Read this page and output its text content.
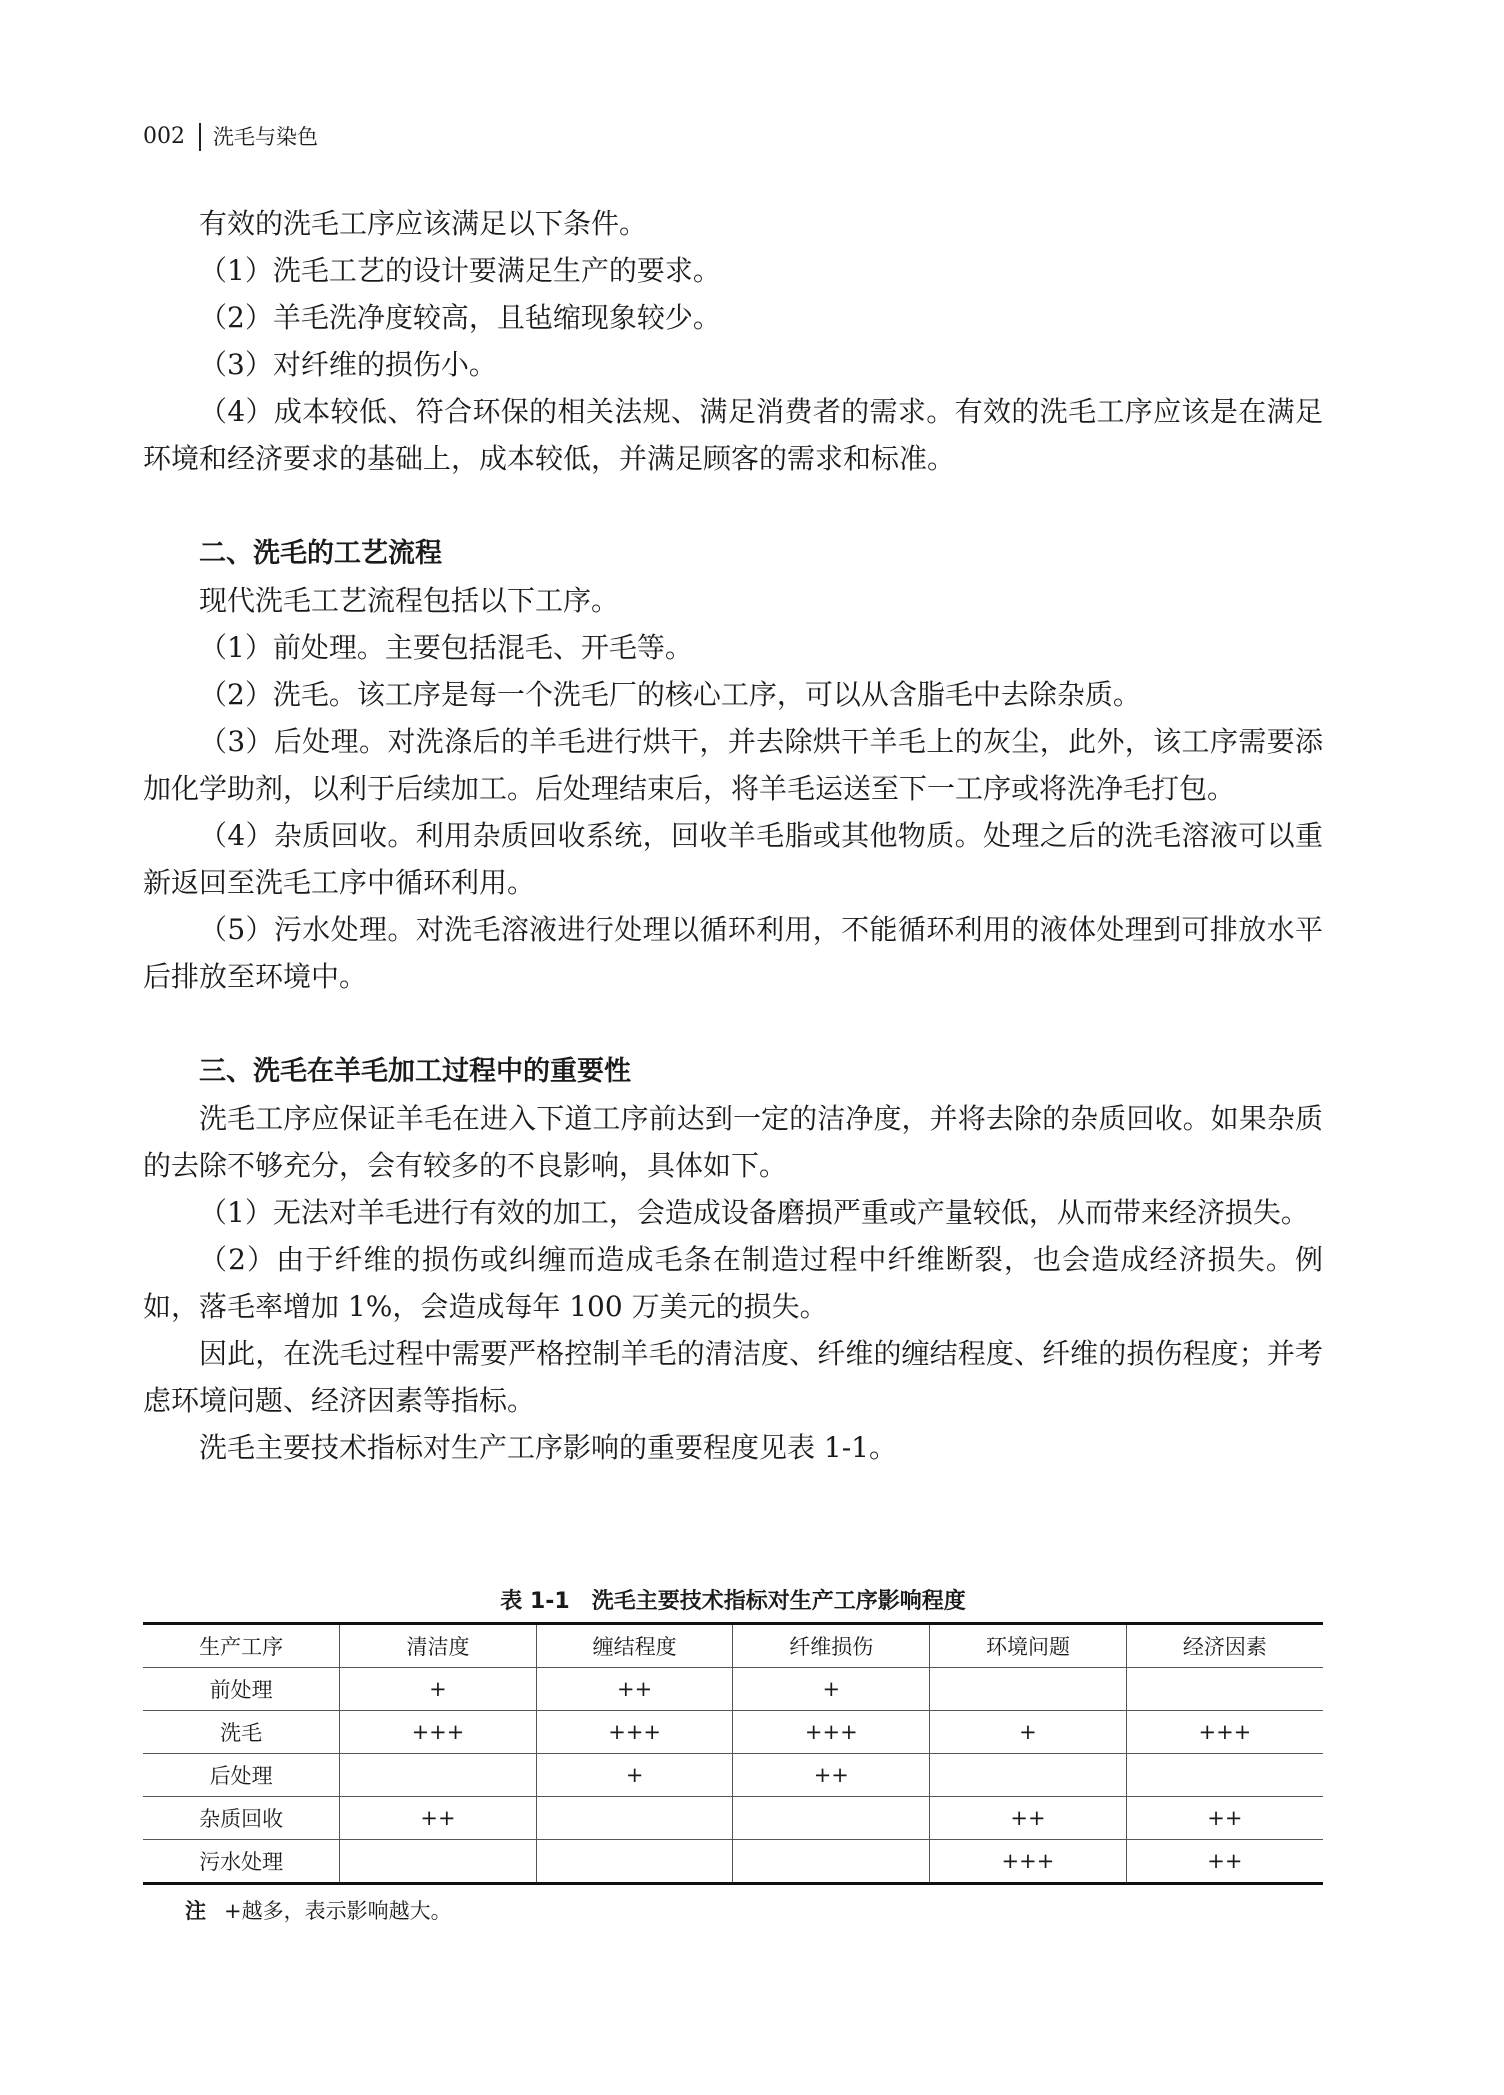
002 洗毛与染色

有效的洗毛工序应该满足以下条件。

（1）洗毛工艺的设计要满足生产的要求。

（2）羊毛洗净度较高，且毡缩现象较少。

（3）对纤维的损伤小。

（4）成本较低、符合环保的相关法规、满足消费者的需求。有效的洗毛工序应该是在满足环境和经济要求的基础上，成本较低，并满足顾客的需求和标准。

二、洗毛的工艺流程

现代洗毛工艺流程包括以下工序。

（1）前处理。主要包括混毛、开毛等。

（2）洗毛。该工序是每一个洗毛厂的核心工序，可以从含脂毛中去除杂质。

（3）后处理。对洗涤后的羊毛进行烘干，并去除烘干羊毛上的灰尘，此外，该工序需要添加化学助剂，以利于后续加工。后处理结束后，将羊毛运送至下一工序或将洗净毛打包。

（4）杂质回收。利用杂质回收系统，回收羊毛脂或其他物质。处理之后的洗毛溶液可以重新返回至洗毛工序中循环利用。

（5）污水处理。对洗毛溶液进行处理以循环利用，不能循环利用的液体处理到可排放水平后排放至环境中。

三、洗毛在羊毛加工过程中的重要性

洗毛工序应保证羊毛在进入下道工序前达到一定的洁净度，并将去除的杂质回收。如果杂质的去除不够充分，会有较多的不良影响，具体如下。

（1）无法对羊毛进行有效的加工，会造成设备磨损严重或产量较低，从而带来经济损失。

（2）由于纤维的损伤或纠缠而造成毛条在制造过程中纤维断裂，也会造成经济损失。例如，落毛率增加 1%，会造成每年 100 万美元的损失。

因此，在洗毛过程中需要严格控制羊毛的清洁度、纤维的缠结程度、纤维的损伤程度；并考虑环境问题、经济因素等指标。

洗毛主要技术指标对生产工序影响的重要程度见表 1-1。

表 1-1 洗毛主要技术指标对生产工序影响程度
生产工序	清洁度	缠结程度	纤维损伤	环境问题	经济因素
前处理	+	++	+		
洗毛	+++	+++	+++	+	+++
后处理		+	++		
杂质回收	++			++	++
污水处理				+++	++
注 +越多，表示影响越大。
